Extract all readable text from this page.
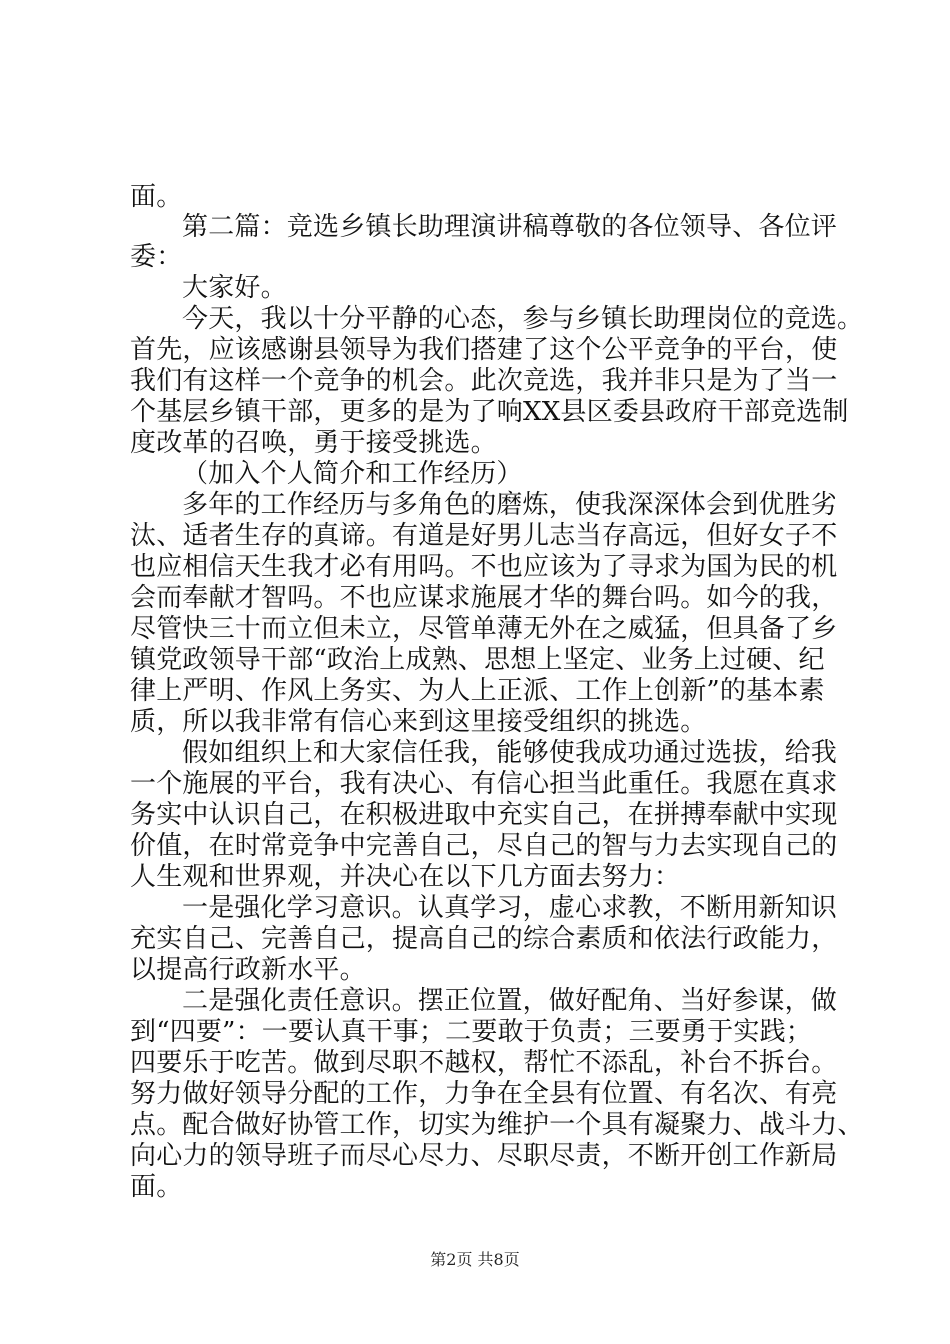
面。
第二篇：竞选乡镇长助理演讲稿尊敬的各位领导、各位评
委：
大家好。
今天，我以十分平静的心态，参与乡镇长助理岗位的竞选。
首先，应该感谢县领导为我们搭建了这个公平竞争的平台，使
我们有这样一个竞争的机会。此次竞选，我并非只是为了当一
个基层乡镇干部，更多的是为了响XX县区委县政府干部竞选制
度改革的召唤，勇于接受挑选。
（加入个人简介和工作经历）
多年的工作经历与多角色的磨炼，使我深深体会到优胜劣
汰、适者生存的真谛。有道是好男儿志当存高远，但好女子不
也应相信天生我才必有用吗。不也应该为了寻求为国为民的机
会而奉献才智吗。不也应谋求施展才华的舞台吗。如今的我，
尽管快三十而立但未立，尽管单薄无外在之威猛，但具备了乡
镇党政领导干部“政治上成熟、思想上坚定、业务上过硬、纪
律上严明、作风上务实、为人上正派、工作上创新”的基本素
质，所以我非常有信心来到这里接受组织的挑选。
假如组织上和大家信任我，能够使我成功通过选拔，给我
一个施展的平台，我有决心、有信心担当此重任。我愿在真求
务实中认识自己，在积极进取中充实自己，在拼搏奉献中实现
价值，在时常竞争中完善自己，尽自己的智与力去实现自己的
人生观和世界观，并决心在以下几方面去努力：
一是强化学习意识。认真学习，虚心求教，不断用新知识
充实自己、完善自己，提高自己的综合素质和依法行政能力，
以提高行政新水平。
二是强化责任意识。摆正位置，做好配角、当好参谋，做
到“四要”：一要认真干事；二要敢于负责；三要勇于实践；
四要乐于吃苦。做到尽职不越权，帮忙不添乱，补台不拆台。
努力做好领导分配的工作，力争在全县有位置、有名次、有亮
点。配合做好协管工作，切实为维护一个具有凝聚力、战斗力、
向心力的领导班子而尽心尽力、尽职尽责，不断开创工作新局
面。
第2页 共8页
